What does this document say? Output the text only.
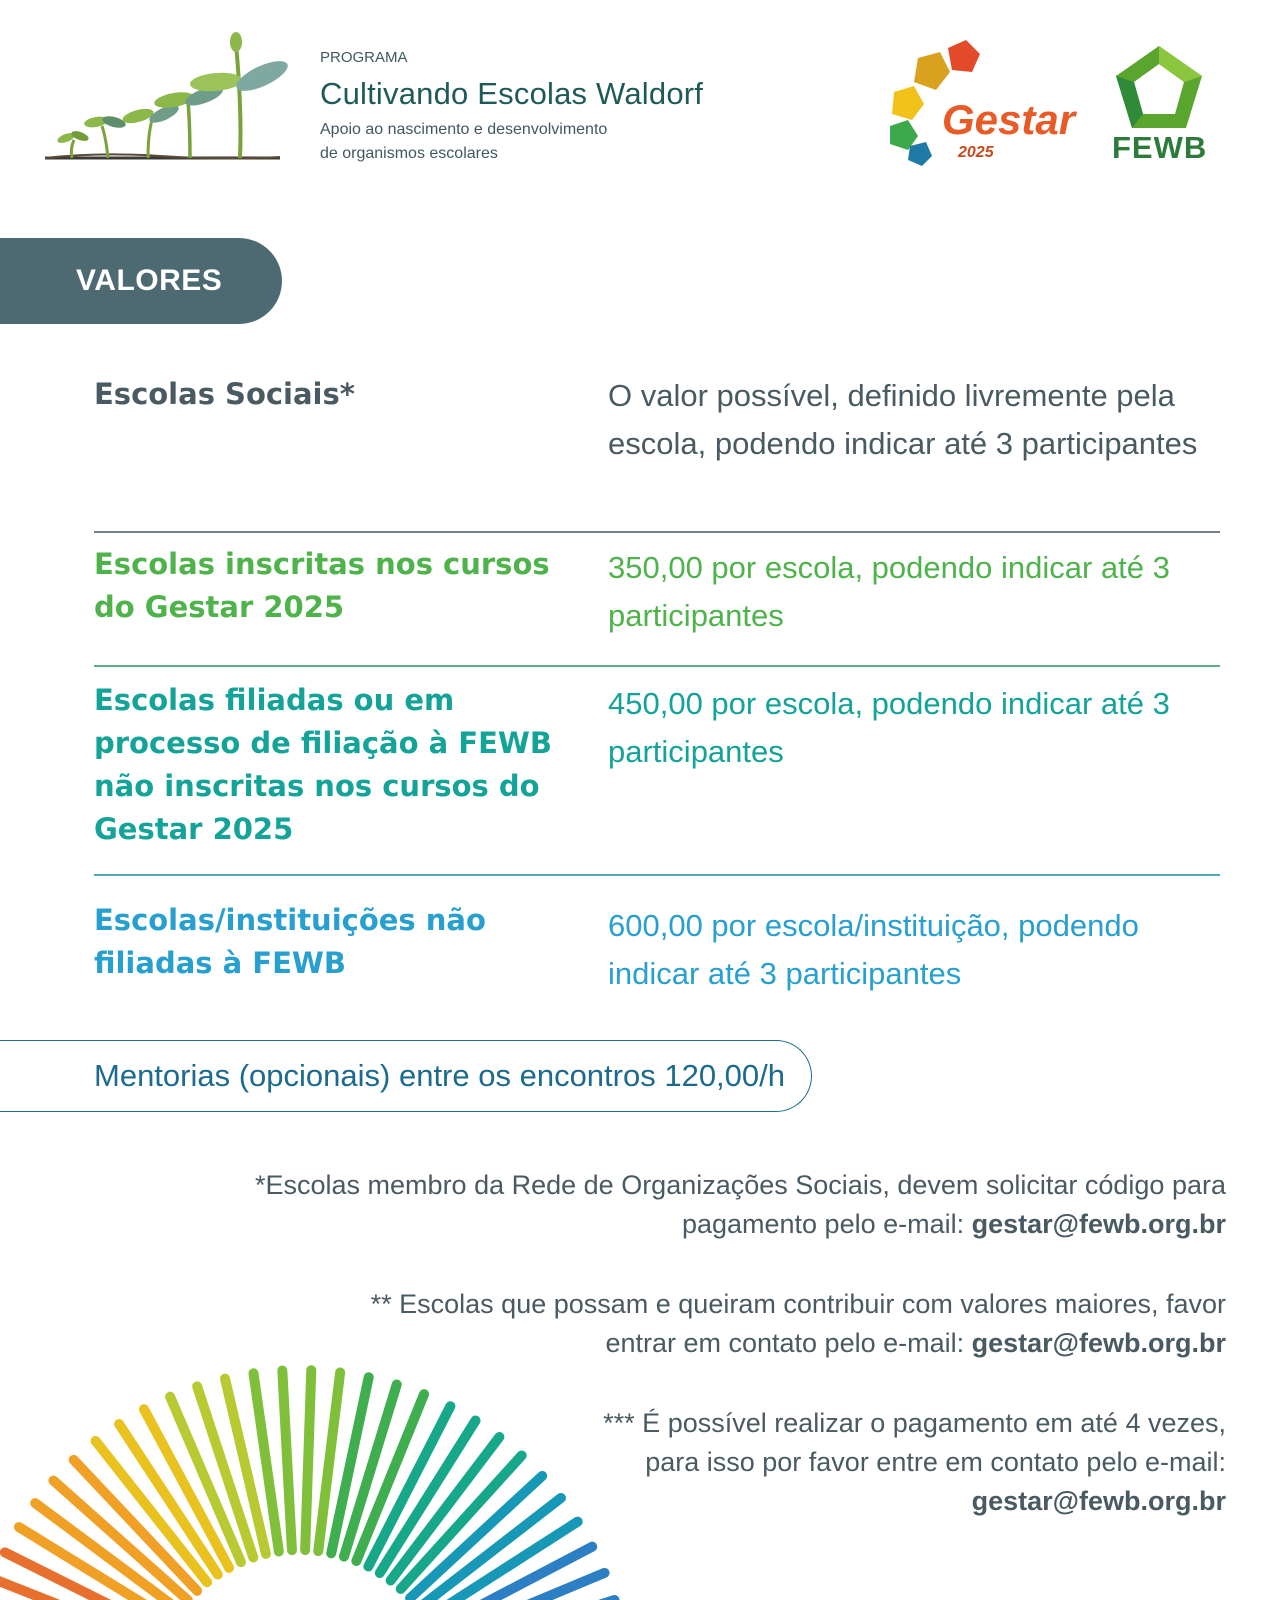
PROGRAMA
Cultivando Escolas Waldorf
Apoio ao nascimento e desenvolvimento
de organismos escolares
Gestar
2025	FEWB
VALORES
Escolas Sociais*	O valor possível, definido livremente pela escola, podendo indicar até 3 participantes
Escolas inscritas nos cursos do Gestar 2025
350,00 por escola, podendo indicar até 3 participantes
Escolas filiadas ou em processo de filiação à FEWB não inscritas nos cursos do Gestar 2025
450,00 por escola, podendo indicar até 3 participantes
Escolas/instituições não filiadas à FEWB
600,00 por escola/instituição, podendo indicar até 3 participantes
Mentorias (opcionais) entre os encontros 120,00/h
*Escolas membro da Rede de Organizações Sociais, devem solicitar código para
pagamento pelo e-mail: gestar@fewb.org.br
** Escolas que possam e queiram contribuir com valores maiores, favor
entrar em contato pelo e-mail: gestar@fewb.org.br
*** É possível realizar o pagamento em até 4 vezes,
para isso por favor entre em contato pelo e-mail:
gestar@fewb.org.br
